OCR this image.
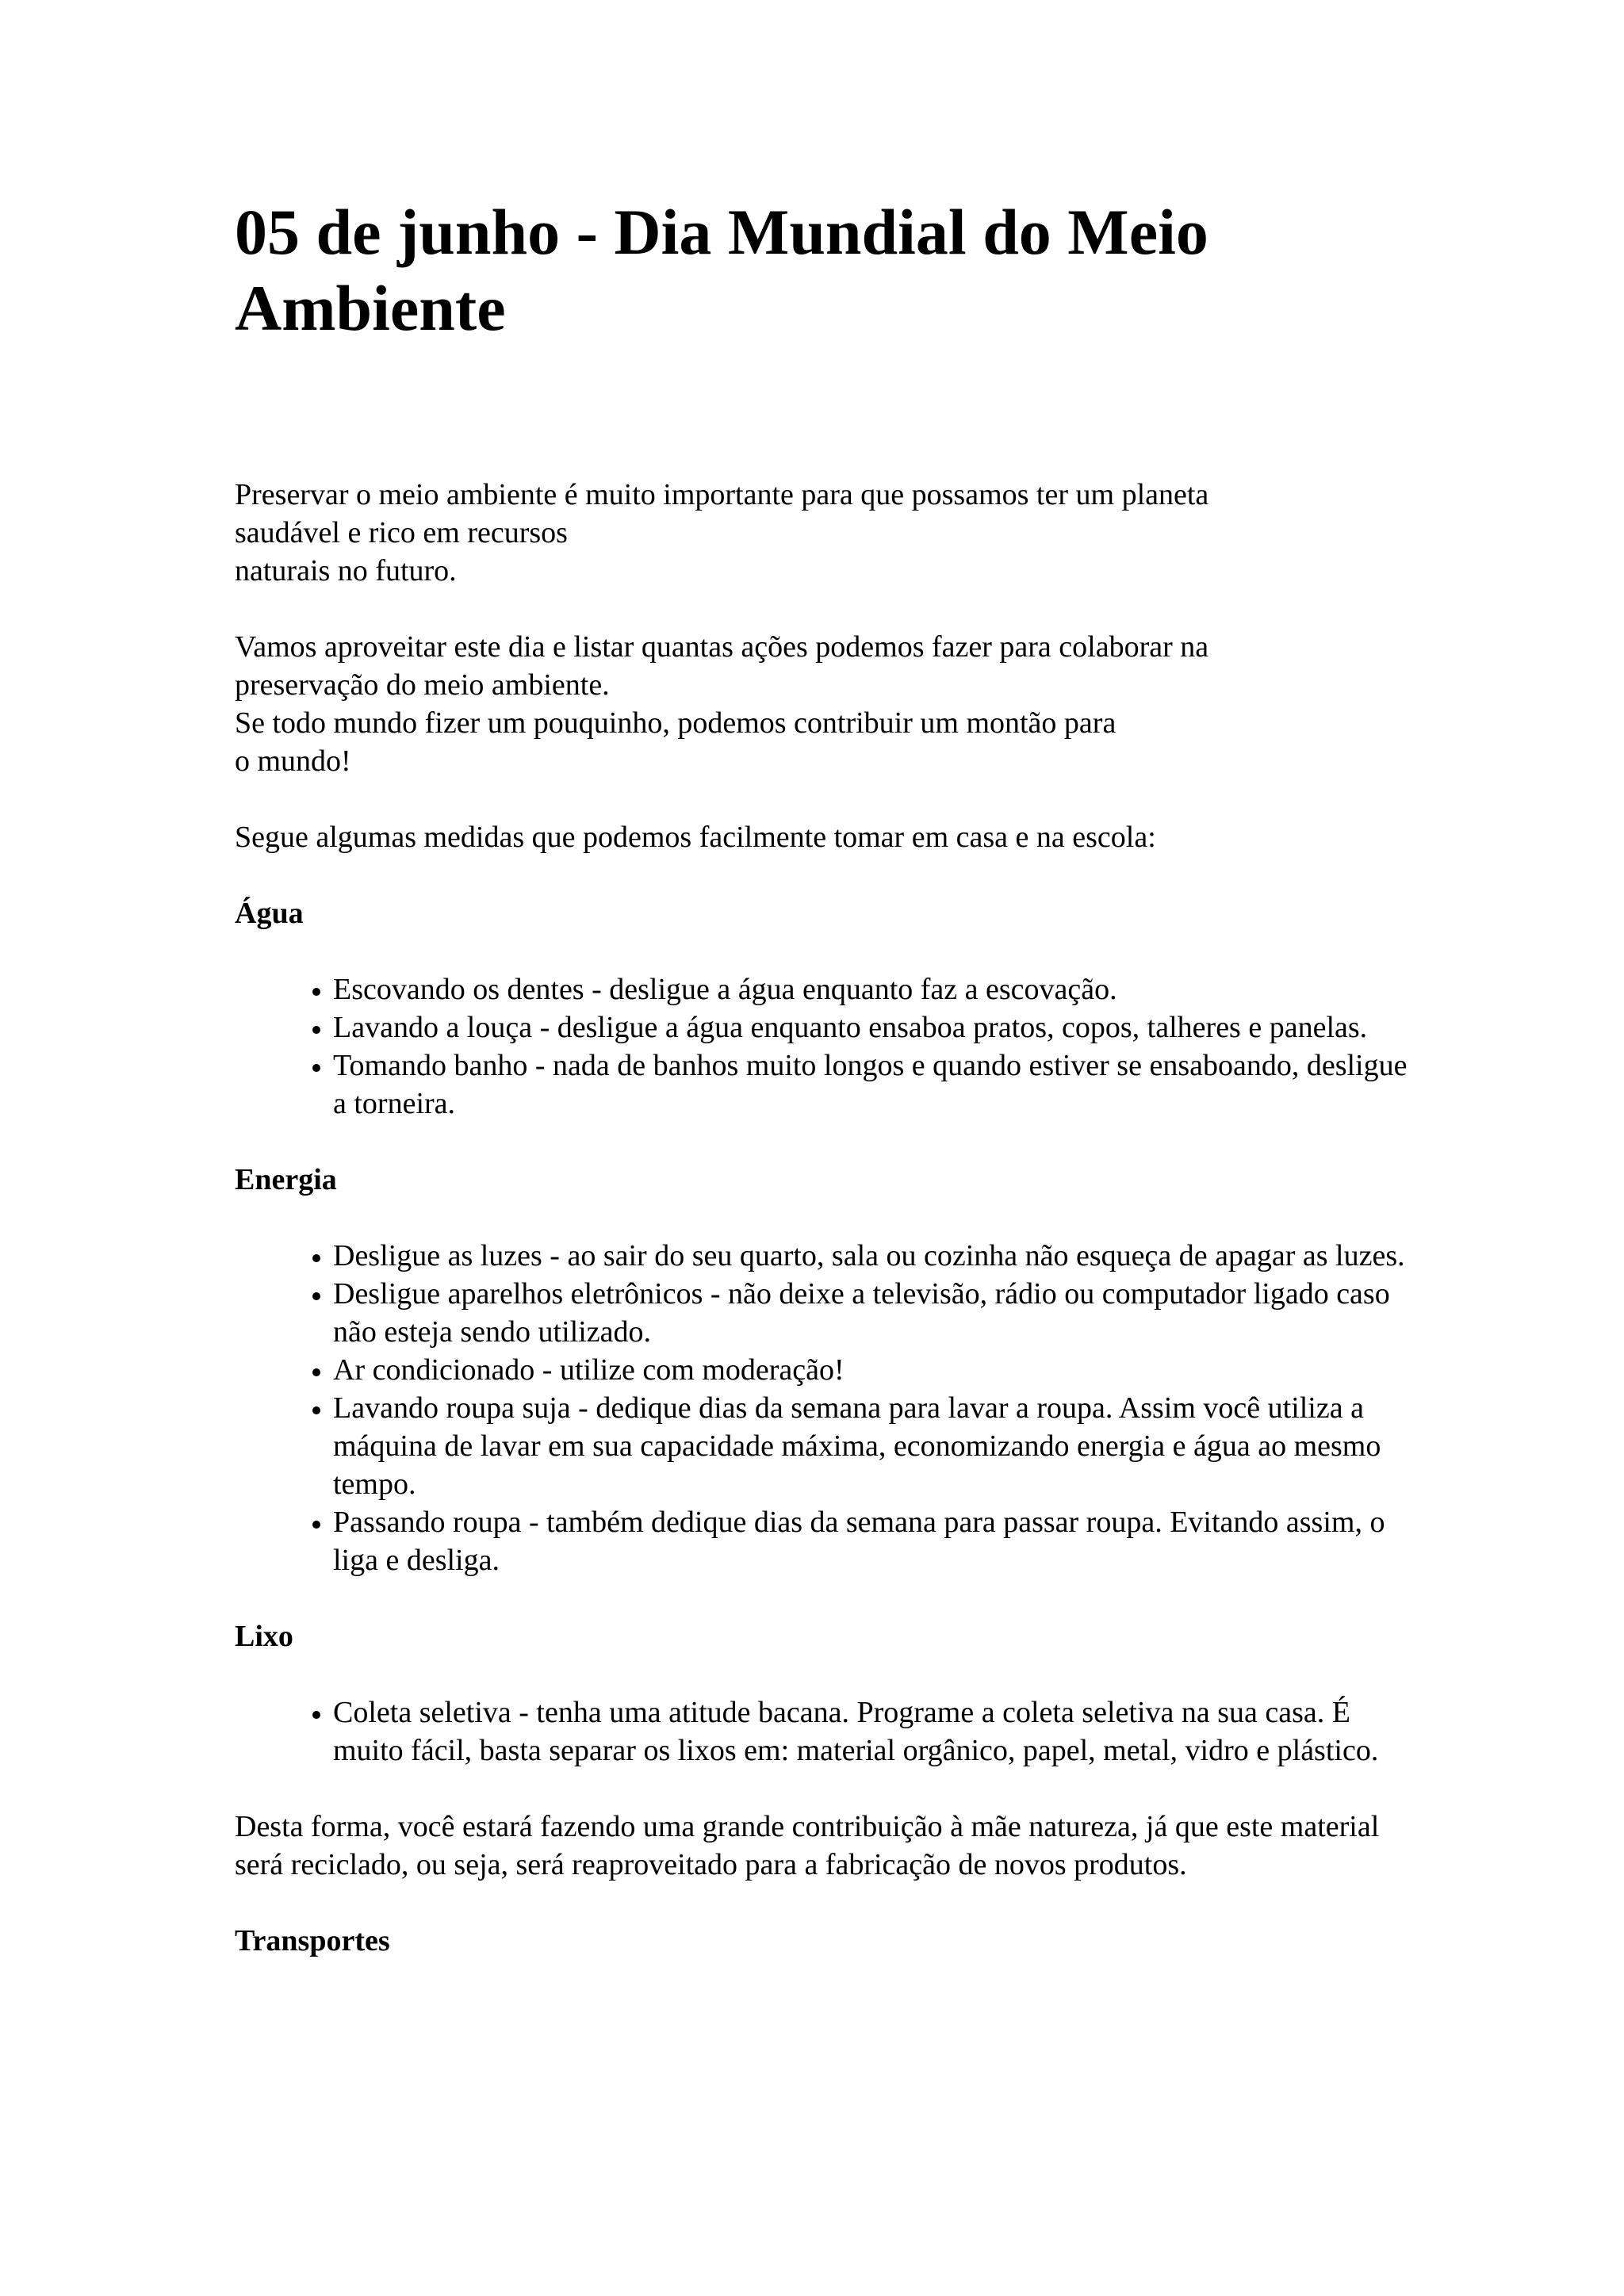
05 de junho - Dia Mundial do Meio Ambiente

Preservar o meio ambiente é muito importante para que possamos ter um planeta
saudável e rico em recursos
naturais no futuro.

Vamos aproveitar este dia e listar quantas ações podemos fazer para colaborar na
preservação do meio ambiente.
Se todo mundo fizer um pouquinho, podemos contribuir um montão para
o mundo!

Segue algumas medidas que podemos facilmente tomar em casa e na escola:

Água

• Escovando os dentes - desligue a água enquanto faz a escovação.
• Lavando a louça - desligue a água enquanto ensaboa pratos, copos, talheres e panelas.
• Tomando banho - nada de banhos muito longos e quando estiver se ensaboando, desligue a torneira.

Energia

• Desligue as luzes - ao sair do seu quarto, sala ou cozinha não esqueça de apagar as luzes.
• Desligue aparelhos eletrônicos - não deixe a televisão, rádio ou computador ligado caso não esteja sendo utilizado.
• Ar condicionado - utilize com moderação!
• Lavando roupa suja - dedique dias da semana para lavar a roupa. Assim você utiliza a máquina de lavar em sua capacidade máxima, economizando energia e água ao mesmo tempo.
• Passando roupa - também dedique dias da semana para passar roupa. Evitando assim, o liga e desliga.

Lixo

• Coleta seletiva - tenha uma atitude bacana. Programe a coleta seletiva na sua casa. É muito fácil, basta separar os lixos em: material orgânico, papel, metal, vidro e plástico.

Desta forma, você estará fazendo uma grande contribuição à mãe natureza, já que este material será reciclado, ou seja, será reaproveitado para a fabricação de novos produtos.

Transportes
